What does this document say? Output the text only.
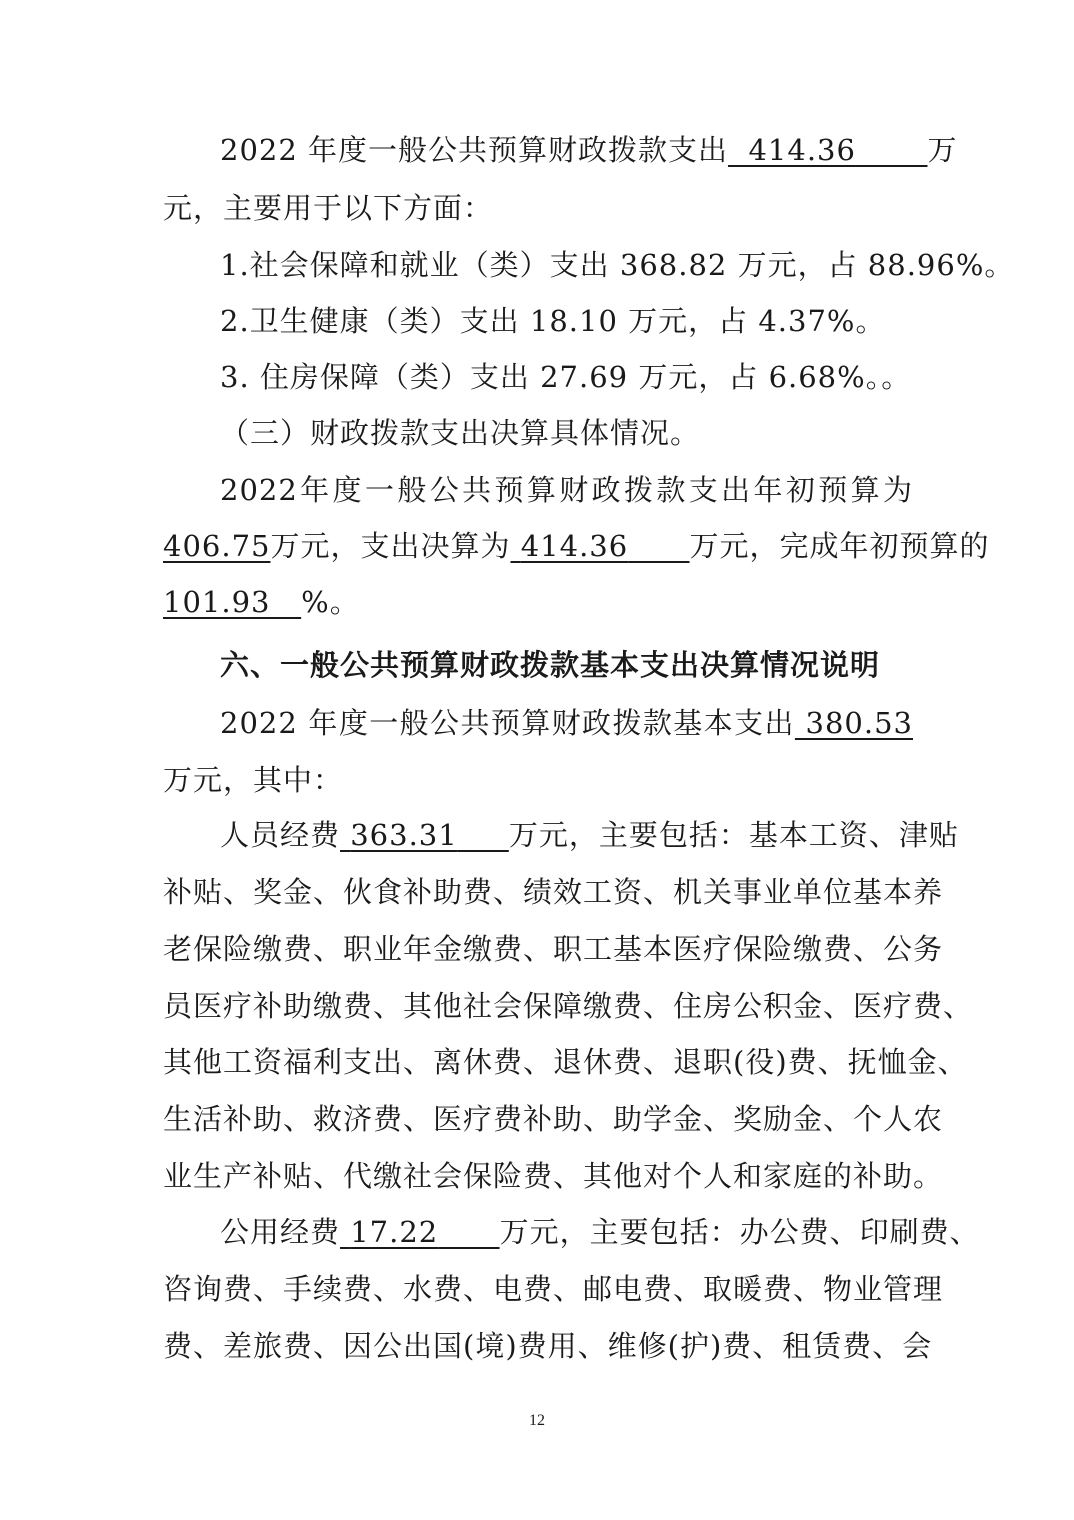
2022 年度一般公共预算财政拨款支出 414.36 万
元，主要用于以下方面：
1.社会保障和就业（类）支出 368.82 万元，占 88.96%。
2.卫生健康（类）支出 18.10 万元，占 4.37%。
3. 住房保障（类）支出 27.69 万元，占 6.68%。。
（三）财政拨款支出决算具体情况。
2022年度一般公共预算财政拨款支出年初预算为
406.75万元，支出决算为 414.36 万元，完成年初预算的
101.93 %。
六、一般公共预算财政拨款基本支出决算情况说明
2022 年度一般公共预算财政拨款基本支出 380.53
万元，其中：
人员经费 363.31 万元，主要包括：基本工资、津贴
补贴、奖金、伙食补助费、绩效工资、机关事业单位基本养
老保险缴费、职业年金缴费、职工基本医疗保险缴费、公务
员医疗补助缴费、其他社会保障缴费、住房公积金、医疗费、
其他工资福利支出、离休费、退休费、退职(役)费、抚恤金、
生活补助、救济费、医疗费补助、助学金、奖励金、个人农
业生产补贴、代缴社会保险费、其他对个人和家庭的补助。
公用经费 17.22 万元，主要包括：办公费、印刷费、
咨询费、手续费、水费、电费、邮电费、取暖费、物业管理
费、差旅费、因公出国(境)费用、维修(护)费、租赁费、会
12
